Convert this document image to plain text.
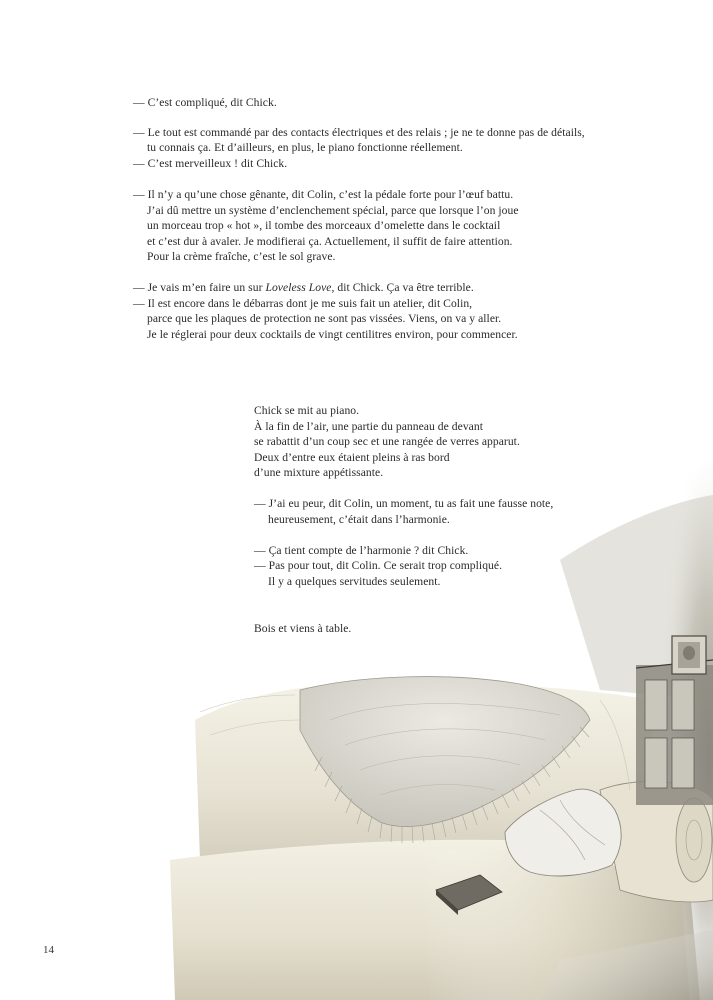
— C’est compliqué, dit Chick.
— Le tout est commandé par des contacts électriques et des relais ; je ne te donne pas de détails,
tu connais ça. Et d’ailleurs, en plus, le piano fonctionne réellement.
— C’est merveilleux ! dit Chick.
— Il n’y a qu’une chose gênante, dit Colin, c’est la pédale forte pour l’œuf battu.
J’ai dû mettre un système d’enclenchement spécial, parce que lorsque l’on joue
un morceau trop « hot », il tombe des morceaux d’omelette dans le cocktail
et c’est dur à avaler. Je modifierai ça. Actuellement, il suffit de faire attention.
Pour la crème fraîche, c’est le sol grave.
— Je vais m’en faire un sur Loveless Love, dit Chick. Ça va être terrible.
— Il est encore dans le débarras dont je me suis fait un atelier, dit Colin,
parce que les plaques de protection ne sont pas vissées. Viens, on va y aller.
Je le réglerai pour deux cocktails de vingt centilitres environ, pour commencer.
Chick se mit au piano.
À la fin de l’air, une partie du panneau de devant
se rabattit d’un coup sec et une rangée de verres apparut.
Deux d’entre eux étaient pleins à ras bord
d’une mixture appétissante.
— J’ai eu peur, dit Colin, un moment, tu as fait une fausse note,
heureusement, c’était dans l’harmonie.
— Ça tient compte de l’harmonie ? dit Chick.
— Pas pour tout, dit Colin. Ce serait trop compliqué.
Il y a quelques servitudes seulement.
Bois et viens à table.
14
